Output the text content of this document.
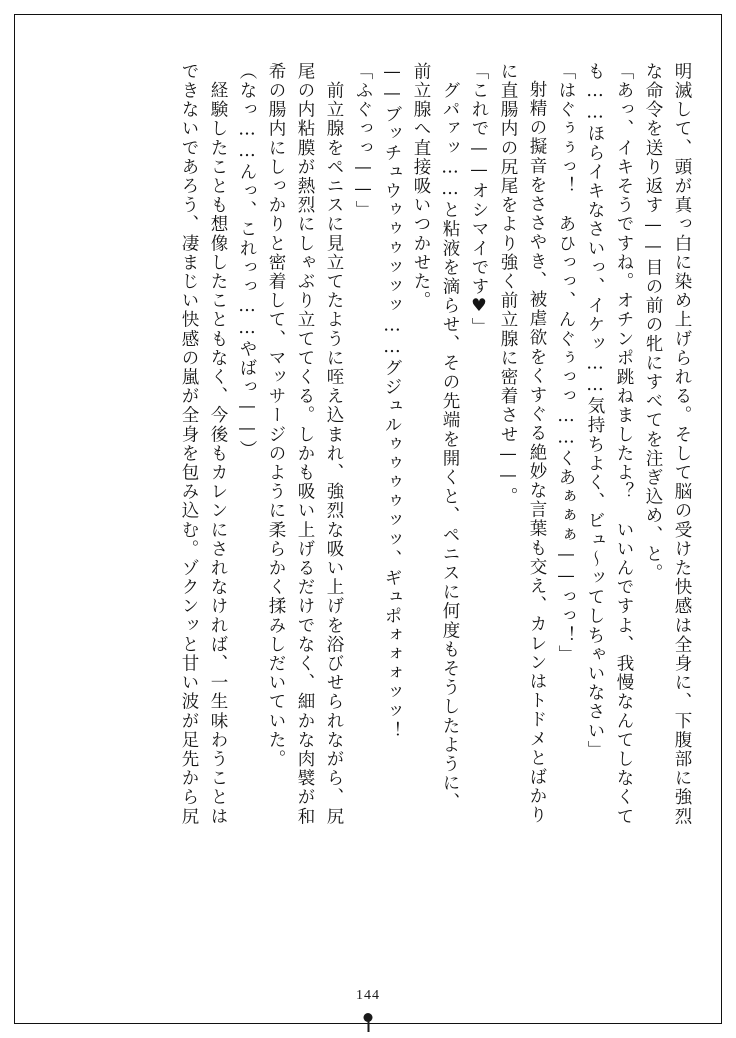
明滅して、頭が真っ白に染め上げられる。そして脳の受けた快感は全身に、下腹部に強烈
な命令を送り返す——目の前の牝にすべてを注ぎ込め、と。
「あっ、イキそうですね。オチンポ跳ねましたよ？　いいんですよ、我慢なんてしなくて
も……ほらイキなさいっ、イケッ……気持ちよく、ビュ〜ッてしちゃいなさい」
「はぐぅぅっ！　あひっっ、んぐぅっっ……くあぁぁぁ——っっ！」
射精の擬音をささやき、被虐欲をくすぐる絶妙な言葉も交え、カレンはトドメとばかり
に直腸内の尻尾をより強く前立腺に密着させ——。
「これで——オシマイです♥」
　グパァッ……と粘液を滴らせ、その先端を開くと、ペニスに何度もそうしたように、
前立腺へ直接吸いつかせた。
——ブッチュウゥゥゥッッッ……グジュルゥゥゥゥッッ、ギュポォォォッッ！
「ふぐっっ——」
　前立腺をペニスに見立てたように咥え込まれ、強烈な吸い上げを浴びせられながら、尻
尾の内粘膜が熱烈にしゃぶり立ててくる。しかも吸い上げるだけでなく、細かな肉襞が和
希の腸内にしっかりと密着して、マッサージのように柔らかく揉みしだいていた。
（なっ……んっ、これっっ……やばっ——）
　経験したことも想像したこともなく、今後もカレンにされなければ、一生味わうことは
できないであろう、凄まじい快感の嵐が全身を包み込む。ゾクンッと甘い波が足先から尻
144
